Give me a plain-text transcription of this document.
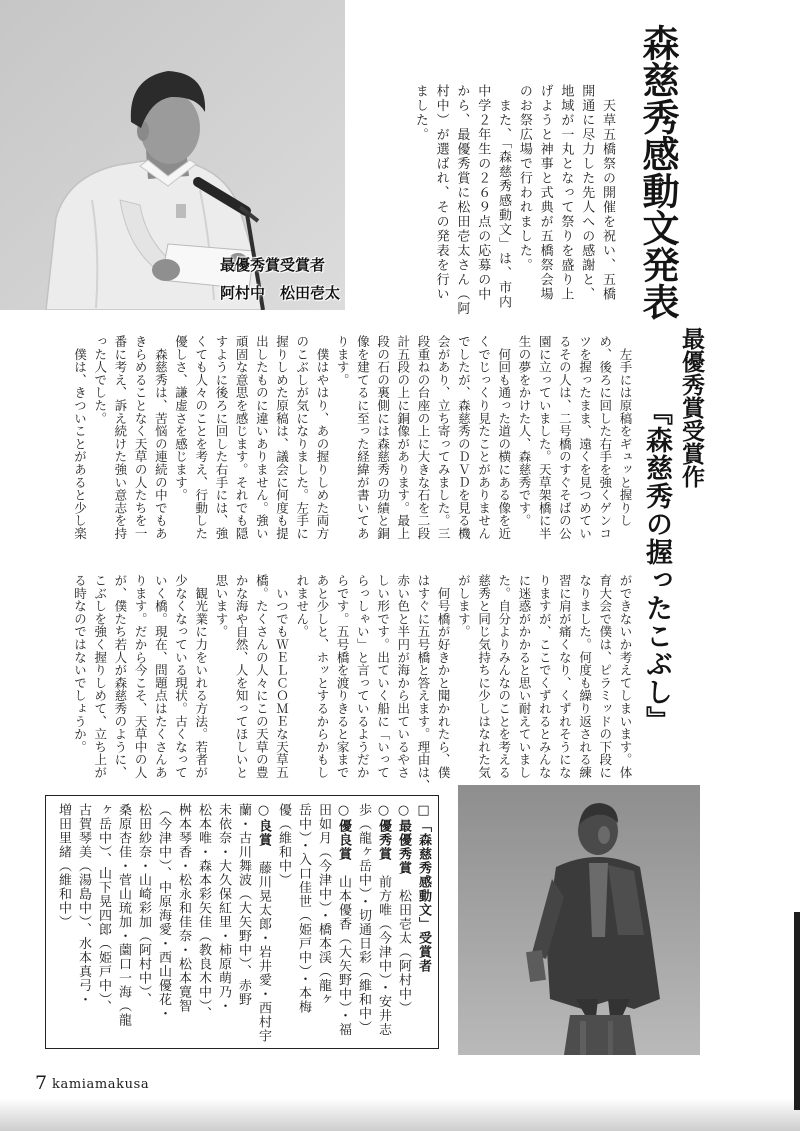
最優秀賞受賞者
阿村中　松田壱太	森慈秀感動文発表
　天草五橋祭の開催を祝い、五橋
開通に尽力した先人への感謝と、
地域が一丸となって祭りを盛り上
げようと神事と式典が五橋祭会場
のお祭広場で行われました。
　また、「森慈秀感動文」は、市内
中学２年生の２６９点の応募の中
から、最優秀賞に松田壱太さん（阿
村中）が選ばれ、その発表を行い
ました。
最優秀賞受賞作
『森慈秀の握ったこぶし』
　左手には原稿をギュッと握りし
め、後ろに回した右手を強くゲンコ
ツを握ったまま、遠くを見つめてい
るその人は、二号橋のすぐそばの公
園に立っていました。天草架橋に半
生の夢をかけた人、森慈秀です。
　何回も通った道の横にある像を近
くでじっくり見たことがありません
でしたが、森慈秀のＤＶＤを見る機
会があり、立ち寄ってみました。三
段重ねの台座の上に大きな石を二段
計五段の上に銅像があります。最上
段の石の裏側には森慈秀の功績と銅
像を建てるに至った経緯が書いてあ
ります。
　僕はやはり、あの握りしめた両方
のこぶしが気になりました。左手に
握りしめた原稿は、議会に何度も提
出したものに違いありません。強い
頑固な意思を感じます。それでも隠
すように後ろに回した右手には、強
くても人々のことを考え、行動した
優しさ、謙虚さを感じます。
　森慈秀は、苦悩の連続の中でもあ
きらめることなく天草の人たちを一
番に考え、訴え続けた強い意志を持
った人でした。
　僕は、きついことがあると少し楽
ができないか考えてしまいます。体
育大会で僕は、ピラミッドの下段に
なりました。何度も繰り返される練
習に肩が痛くなり、くずれそうにな
りますが、ここでくずれるとみんな
に迷惑がかかると思い耐えていまし
た。自分よりみんなのことを考える
慈秀と同じ気持ちに少しはなれた気
がします。
　何号橋が好きかと聞かれたら、僕
はすぐに五号橋と答えます。理由は、
赤い色と半円が海から出ているやさ
しい形です。出ていく船に「いって
らっしゃい」と言っているようだか
らです。五号橋を渡りきると家まで
あと少しと、ホッとするからかもし
れません。
　いつでもＷＥＬＣＯＭＥな天草五
橋。たくさんの人々にこの天草の豊
かな海や自然、人を知ってほしいと
思います。
　観光業に力をいれる方法。若者が
少なくなっている現状。古くなって
いく橋。現在、問題点はたくさんあ
ります。だから今こそ、天草中の人
が、僕たち若人が森慈秀のように、
こぶしを強く握りしめて、立ち上が
る時なのではないでしょうか。
□「森慈秀感動文」受賞者
○最優秀賞　松田壱太（阿村中）
○優秀賞　前方唯（今津中）・安井志
歩（龍ヶ岳中）・切通日彩（維和中）
○優良賞　山本優香（大矢野中）・福
田如月（今津中）・橋本渓（龍ヶ
岳中）・入口佳世（姫戸中）・本梅
優（維和中）
○良賞　藤川晃太郎・岩井愛・西村宇
蘭・古川舞波（大矢野中）、赤野
未依奈・大久保紅里・柿原萌乃・
松本唯・森本彩矢佳（教良木中）、
桝本琴香・松永和佳奈・松本寛智
（今津中）、中原海愛・西山優花・
松田紗奈・山崎彩加（阿村中）、
桑原杏佳・菅山琉加・薗口一海（龍
ヶ岳中）、山下晃四郎（姫戸中）、
古賀琴美（湯島中）、水本真弓・
増田里緒（維和中）
7 kamiamakusa
